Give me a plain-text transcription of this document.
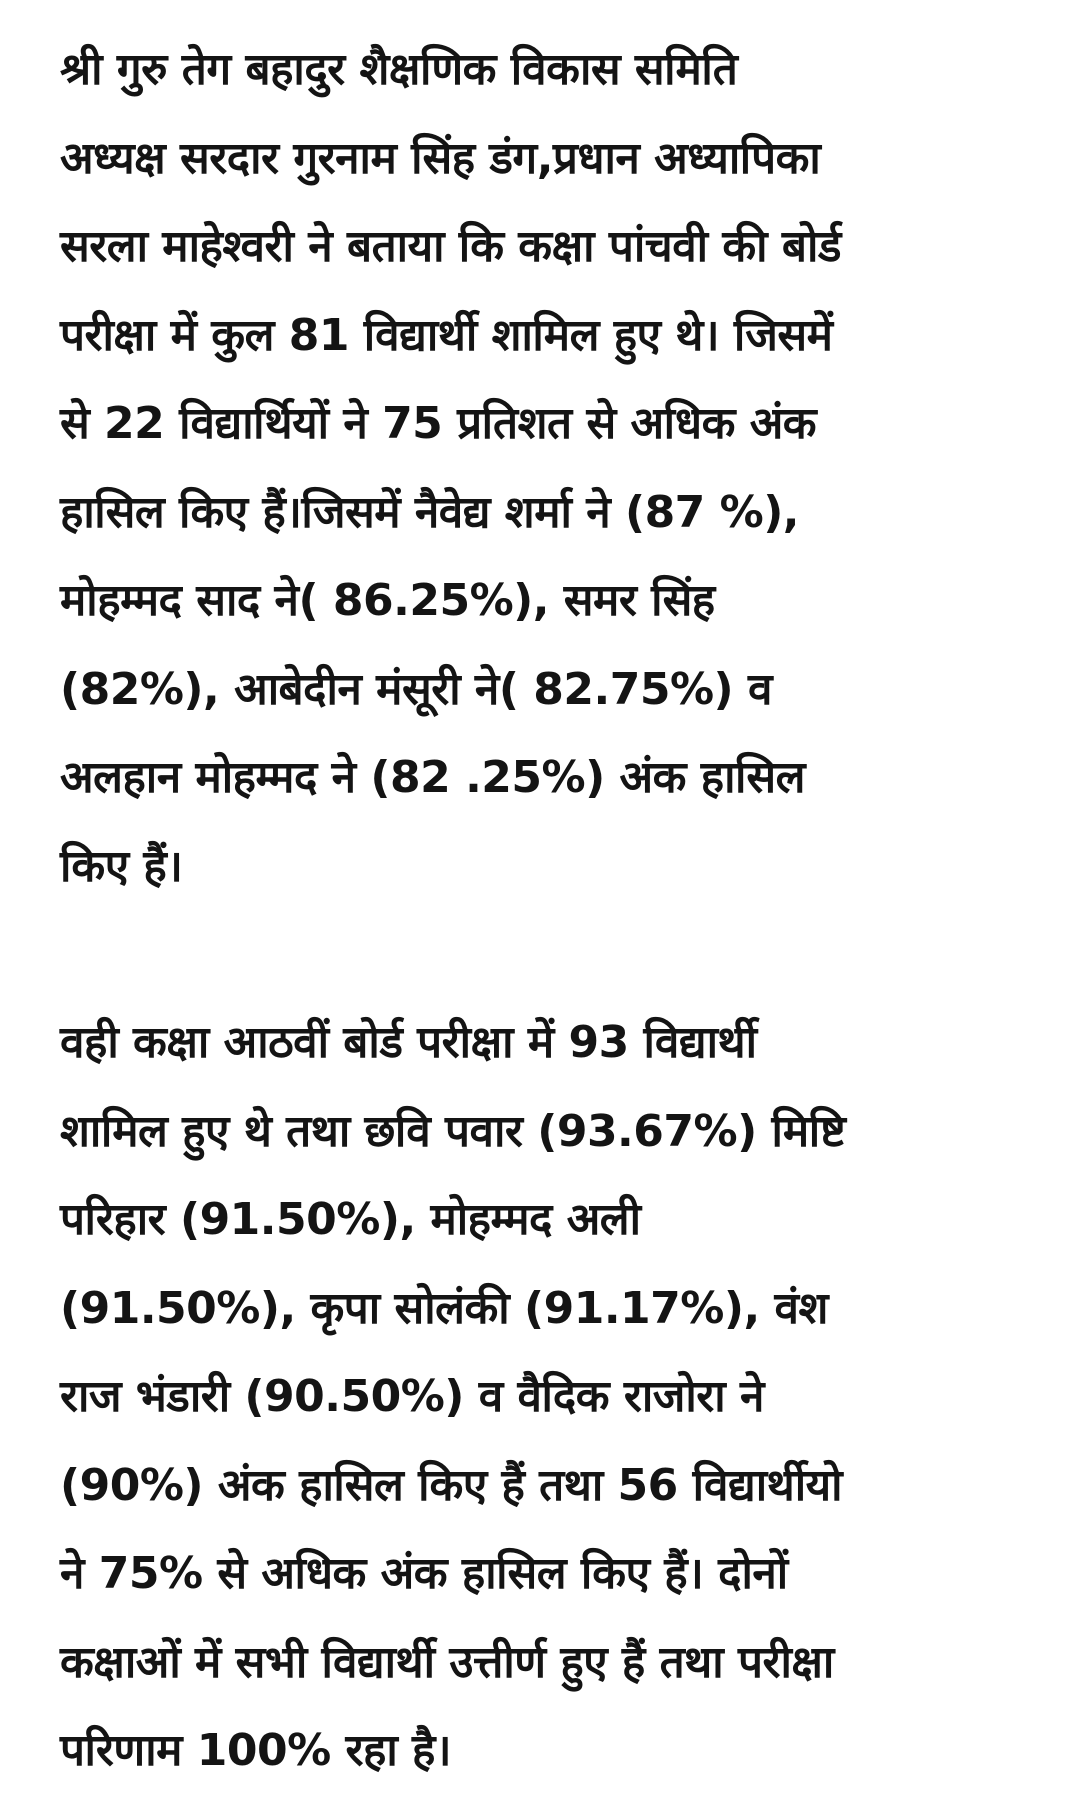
श्री गुरु तेग बहादुर शैक्षणिक विकास समिति
अध्यक्ष सरदार गुरनाम सिंह डंग,प्रधान अध्यापिका
सरला माहेश्वरी ने बताया कि कक्षा पांचवी की बोर्ड
परीक्षा में कुल 81 विद्यार्थी शामिल हुए थे। जिसमें
से 22 विद्यार्थियों ने 75 प्रतिशत से अधिक अंक
हासिल किए हैं।जिसमें नैवेद्य शर्मा ने (87 %),
मोहम्मद साद ने( 86.25%), समर सिंह
(82%), आबेदीन मंसूरी ने( 82.75%) व
अलहान मोहम्मद ने (82 .25%) अंक हासिल
किए हैं।

वही कक्षा आठवीं बोर्ड परीक्षा में 93 विद्यार्थी
शामिल हुए थे तथा छवि पवार (93.67%) मिष्टि
परिहार (91.50%), मोहम्मद अली
(91.50%), कृपा सोलंकी (91.17%), वंश
राज भंडारी (90.50%) व वैदिक राजोरा ने
(90%) अंक हासिल किए हैं तथा 56 विद्यार्थीयो
ने 75% से अधिक अंक हासिल किए हैं। दोनों
कक्षाओं में सभी विद्यार्थी उत्तीर्ण हुए हैं तथा परीक्षा
परिणाम 100% रहा है।
